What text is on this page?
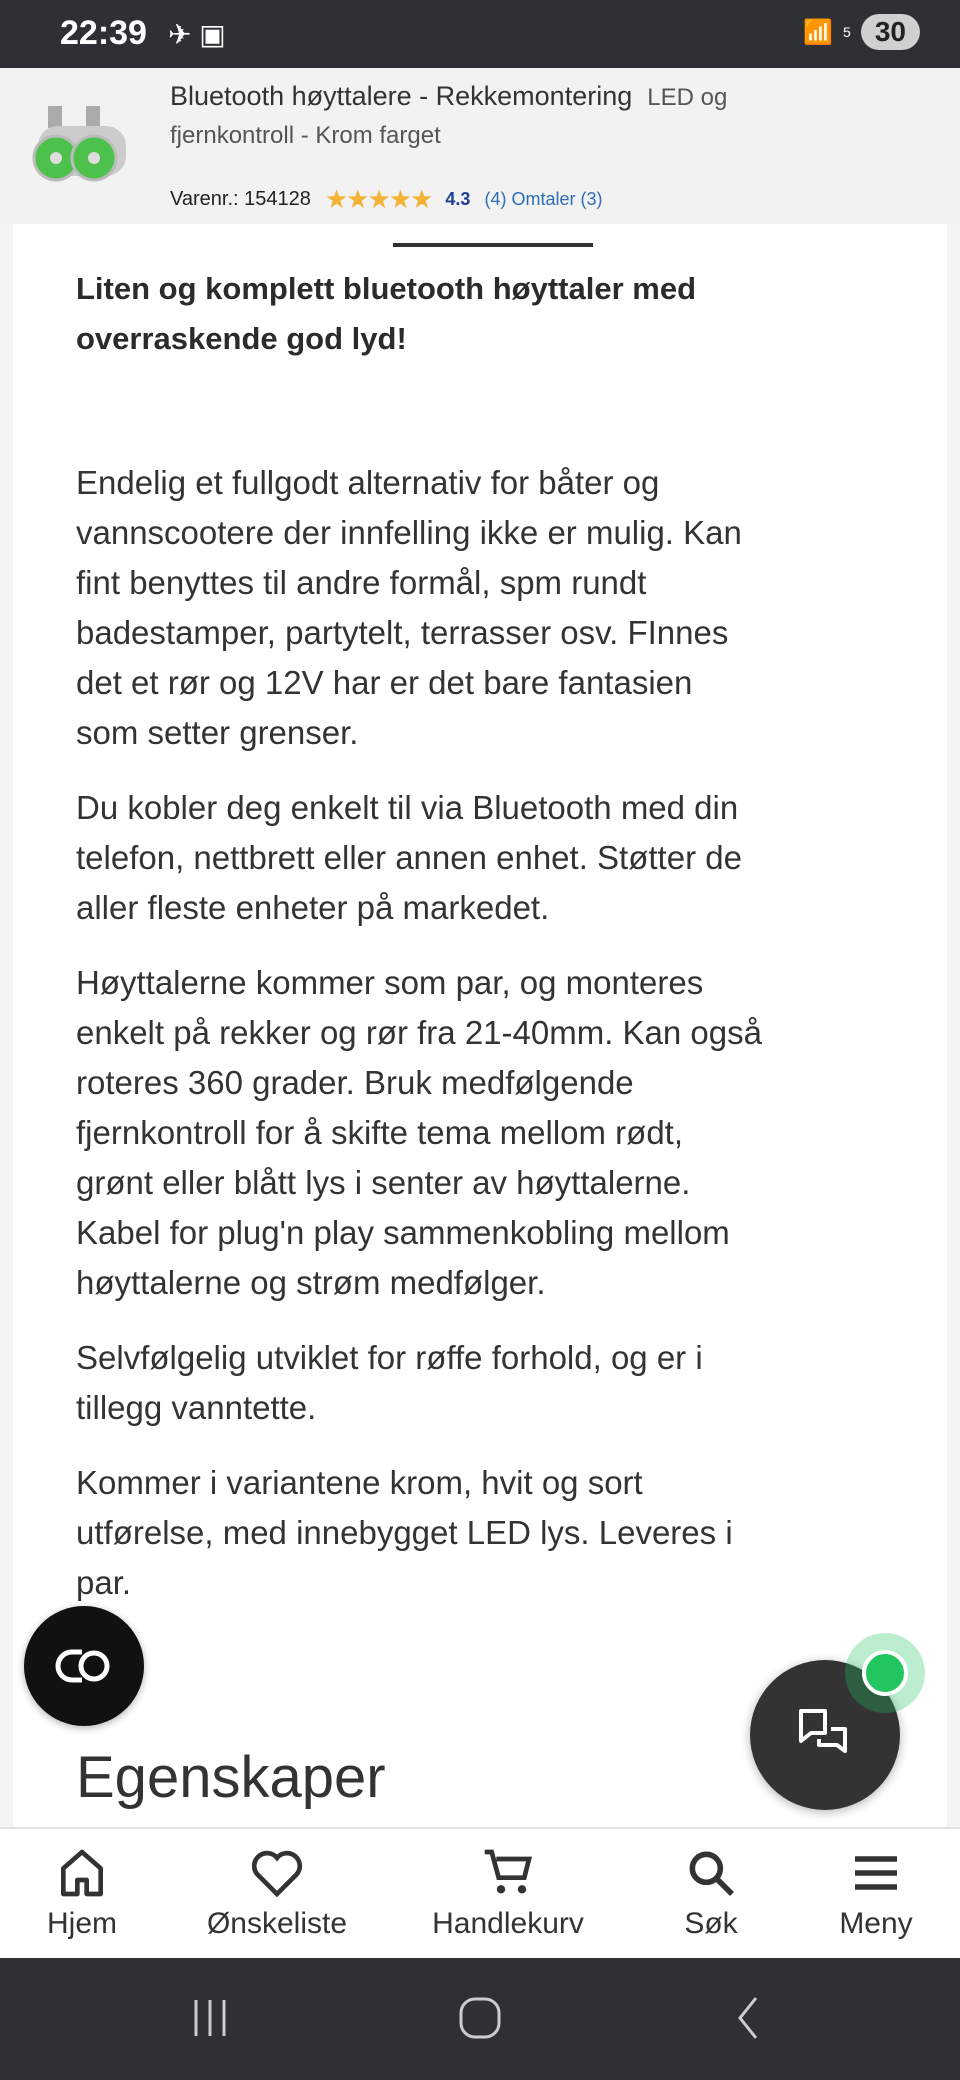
22:39 ✈ ▣	📶 5 30
Bluetooth høyttalere - Rekkemontering LED og fjernkontroll - Krom farget
Varenr.: 154128 ★★★★★ 4.3 (4) Omtaler (3)
Liten og komplett bluetooth høyttaler med
overraskende god lyd!

Endelig et fullgodt alternativ for båter og
vannscootere der innfelling ikke er mulig. Kan
fint benyttes til andre formål, spm rundt
badestamper, partytelt, terrasser osv. FInnes
det et rør og 12V har er det bare fantasien
som setter grenser.

Du kobler deg enkelt til via Bluetooth med din
telefon, nettbrett eller annen enhet. Støtter de
aller fleste enheter på markedet.

Høyttalerne kommer som par, og monteres
enkelt på rekker og rør fra 21-40mm. Kan også
roteres 360 grader. Bruk medfølgende
fjernkontroll for å skifte tema mellom rødt,
grønt eller blått lys i senter av høyttalerne.
Kabel for plug'n play sammenkobling mellom
høyttalerne og strøm medfølger.

Selvfølgelig utviklet for røffe forhold, og er i
tillegg vanntette.

Kommer i variantene krom, hvit og sort
utførelse, med innebygget LED lys. Leveres i
par.

Egenskaper
Hjem	Ønskeliste	Handlekurv	Søk	Meny
